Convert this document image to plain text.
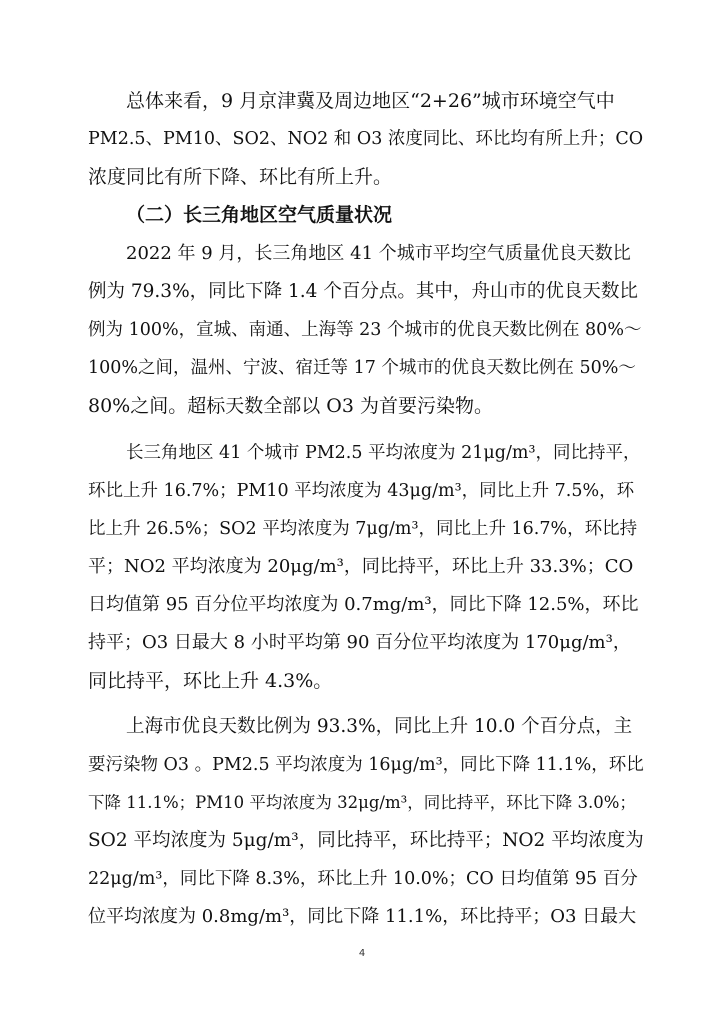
总体来看，9 月京津冀及周边地区“2+26”城市环境空气中
PM2.5、PM10、SO2、NO2 和 O3 浓度同比、环比均有所上升；CO
浓度同比有所下降、环比有所上升。
（二）长三角地区空气质量状况
2022 年 9 月，长三角地区 41 个城市平均空气质量优良天数比
例为 79.3%，同比下降 1.4 个百分点。其中，舟山市的优良天数比
例为 100%，宣城、南通、上海等 23 个城市的优良天数比例在 80%～
100%之间，温州、宁波、宿迁等 17 个城市的优良天数比例在 50%～
80%之间。超标天数全部以 O3 为首要污染物。
长三角地区 41 个城市 PM2.5 平均浓度为 21μg/m³，同比持平，
环比上升 16.7%；PM10 平均浓度为 43μg/m³，同比上升 7.5%，环
比上升 26.5%；SO2 平均浓度为 7μg/m³，同比上升 16.7%，环比持
平；NO2 平均浓度为 20μg/m³，同比持平，环比上升 33.3%；CO
日均值第 95 百分位平均浓度为 0.7mg/m³，同比下降 12.5%，环比
持平；O3 日最大 8 小时平均第 90 百分位平均浓度为 170μg/m³，
同比持平，环比上升 4.3%。
上海市优良天数比例为 93.3%，同比上升 10.0 个百分点，主
要污染物 O3 。PM2.5 平均浓度为 16μg/m³，同比下降 11.1%，环比
下降 11.1%；PM10 平均浓度为 32μg/m³，同比持平，环比下降 3.0%；
SO2 平均浓度为 5μg/m³，同比持平，环比持平；NO2 平均浓度为
22μg/m³，同比下降 8.3%，环比上升 10.0%；CO 日均值第 95 百分
位平均浓度为 0.8mg/m³，同比下降 11.1%，环比持平；O3 日最大
4
